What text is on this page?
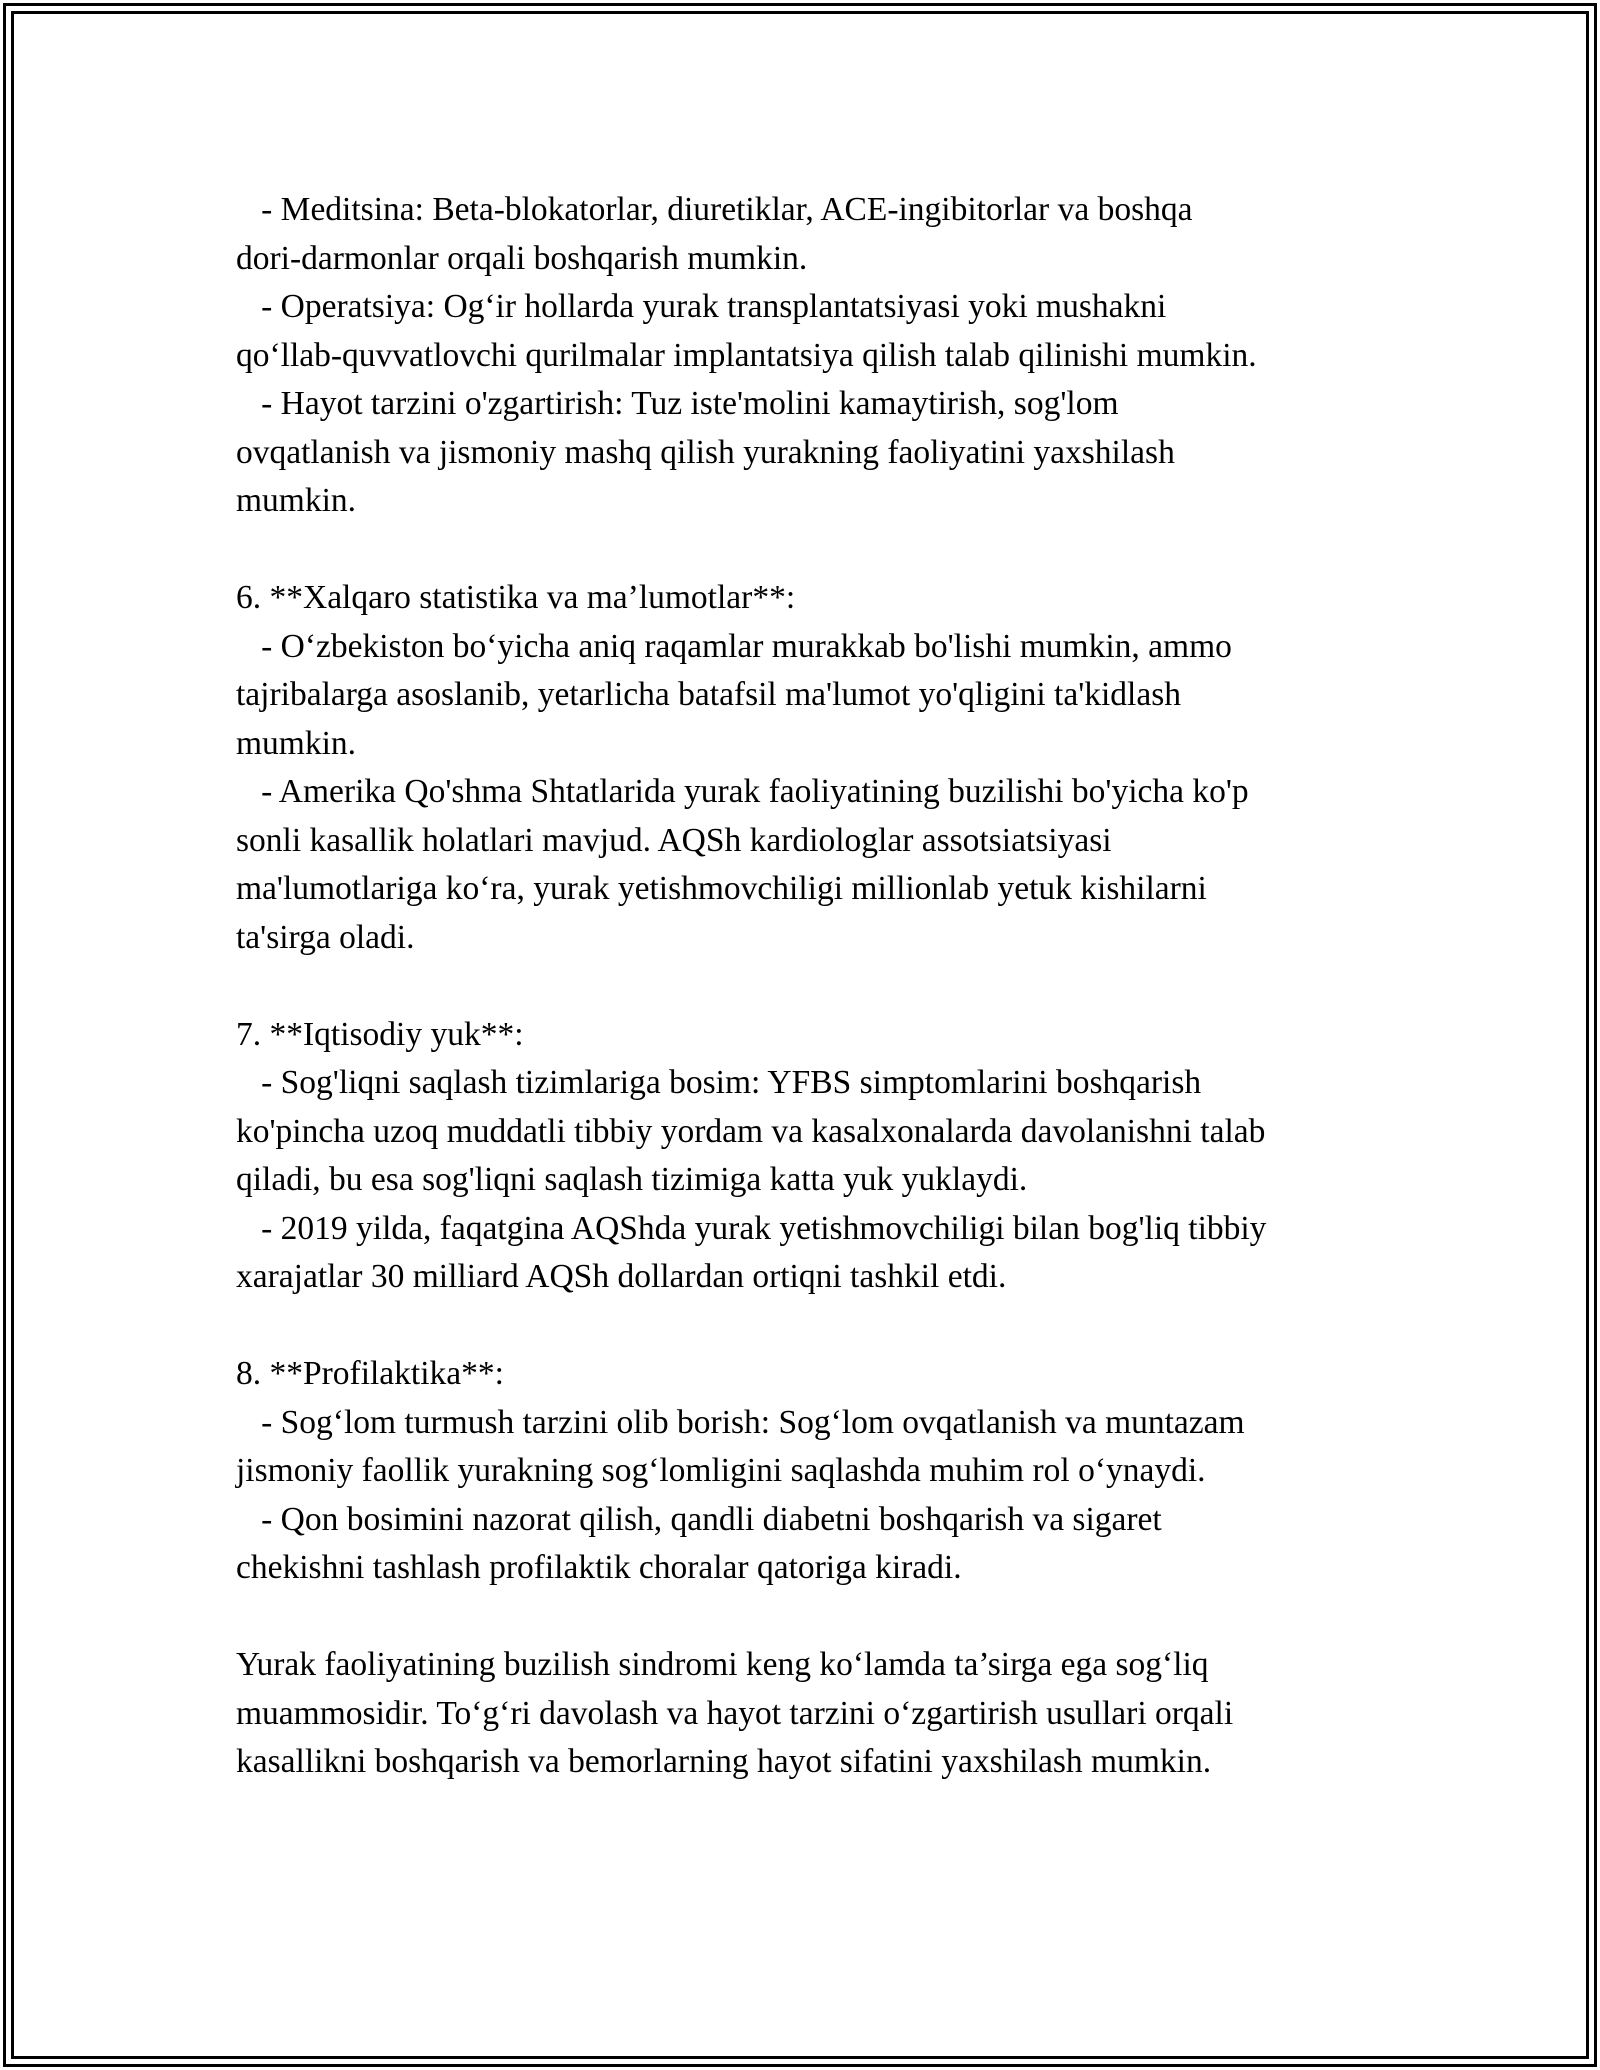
- Meditsina: Beta-blokatorlar, diuretiklar, ACE-ingibitorlar va boshqa
dori-darmonlar orqali boshqarish mumkin.
- Operatsiya: Og‘ir hollarda yurak transplantatsiyasi yoki mushakni
qo‘llab-quvvatlovchi qurilmalar implantatsiya qilish talab qilinishi mumkin.
- Hayot tarzini o'zgartirish: Tuz iste'molini kamaytirish, sog'lom
ovqatlanish va jismoniy mashq qilish yurakning faoliyatini yaxshilash
mumkin.
6. **Xalqaro statistika va ma’lumotlar**:
- O‘zbekiston bo‘yicha aniq raqamlar murakkab bo'lishi mumkin, ammo
tajribalarga asoslanib, yetarlicha batafsil ma'lumot yo'qligini ta'kidlash
mumkin.
- Amerika Qo'shma Shtatlarida yurak faoliyatining buzilishi bo'yicha ko'p
sonli kasallik holatlari mavjud. AQSh kardiologlar assotsiatsiyasi
ma'lumotlariga ko‘ra, yurak yetishmovchiligi millionlab yetuk kishilarni
ta'sirga oladi.
7. **Iqtisodiy yuk**:
- Sog'liqni saqlash tizimlariga bosim: YFBS simptomlarini boshqarish
ko'pincha uzoq muddatli tibbiy yordam va kasalxonalarda davolanishni talab
qiladi, bu esa sog'liqni saqlash tizimiga katta yuk yuklaydi.
- 2019 yilda, faqatgina AQShda yurak yetishmovchiligi bilan bog'liq tibbiy
xarajatlar 30 milliard AQSh dollardan ortiqni tashkil etdi.
8. **Profilaktika**:
- Sog‘lom turmush tarzini olib borish: Sog‘lom ovqatlanish va muntazam
jismoniy faollik yurakning sog‘lomligini saqlashda muhim rol o‘ynaydi.
- Qon bosimini nazorat qilish, qandli diabetni boshqarish va sigaret
chekishni tashlash profilaktik choralar qatoriga kiradi.
Yurak faoliyatining buzilish sindromi keng ko‘lamda ta’sirga ega sog‘liq
muammosidir. To‘g‘ri davolash va hayot tarzini o‘zgartirish usullari orqali
kasallikni boshqarish va bemorlarning hayot sifatini yaxshilash mumkin.
